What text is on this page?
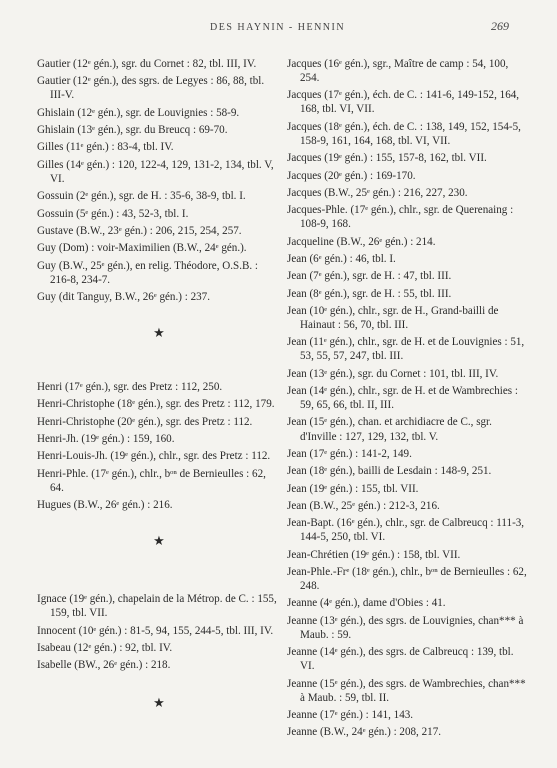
DES HAYNIN - HENNIN	269

Gautier (12ᵉ gén.), sgr. du Cornet : 82, tbl. III, IV.

Gautier (12ᵉ gén.), des sgrs. de Legyes : 86, 88, tbl. III-V.

Ghislain (12ᵉ gén.), sgr. de Louvignies : 58-9.

Ghislain (13ᵉ gén.), sgr. du Breucq : 69-70.

Gilles (11ᵉ gén.) : 83-4, tbl. IV.

Gilles (14ᵉ gén.) : 120, 122-4, 129, 131-2, 134, tbl. V, VI.

Gossuin (2ᵉ gén.), sgr. de H. : 35-6, 38-9, tbl. I.

Gossuin (5ᵉ gén.) : 43, 52-3, tbl. I.

Gustave (B.W., 23ᵉ gén.) : 206, 215, 254, 257.

Guy (Dom) : voir-Maximilien (B.W., 24ᵉ gén.).

Guy (B.W., 25ᵉ gén.), en relig. Théodore, O.S.B. : 216-8, 234-7.

Guy (dit Tanguy, B.W., 26ᵉ gén.) : 237.

★

Henri (17ᵉ gén.), sgr. des Pretz : 112, 250.

Henri-Christophe (18ᵉ gén.), sgr. des Pretz : 112, 179.

Henri-Christophe (20ᵉ gén.), sgr. des Pretz : 112.

Henri-Jh. (19ᵉ gén.) : 159, 160.

Henri-Louis-Jh. (19ᵉ gén.), chlr., sgr. des Pretz : 112.

Henri-Phle. (17ᵉ gén.), chlr., bᵒⁿ de Bernieulles : 62, 64.

Hugues (B.W., 26ᵉ gén.) : 216.

★

Ignace (19ᵉ gén.), chapelain de la Métrop. de C. : 155, 159, tbl. VII.

Innocent (10ᵉ gén.) : 81-5, 94, 155, 244-5, tbl. III, IV.

Isabeau (12ᵉ gén.) : 92, tbl. IV.

Isabelle (BW., 26ᵉ gén.) : 218.

★

Jacques (16ᵉ gén.), sgr., Maître de camp : 54, 100, 254.

Jacques (17ᵉ gén.), éch. de C. : 141-6, 149-152, 164, 168, tbl. VI, VII.

Jacques (18ᵉ gén.), éch. de C. : 138, 149, 152, 154-5, 158-9, 161, 164, 168, tbl. VI, VII.

Jacques (19ᵉ gén.) : 155, 157-8, 162, tbl. VII.

Jacques (20ᵉ gén.) : 169-170.

Jacques (B.W., 25ᵉ gén.) : 216, 227, 230.

Jacques-Phle. (17ᵉ gén.), chlr., sgr. de Querenaing : 108-9, 168.

Jacqueline (B.W., 26ᵉ gén.) : 214.

Jean (6ᵉ gén.) : 46, tbl. I.

Jean (7ᵉ gén.), sgr. de H. : 47, tbl. III.

Jean (8ᵉ gén.), sgr. de H. : 55, tbl. III.

Jean (10ᵉ gén.), chlr., sgr. de H., Grand-bailli de Hainaut : 56, 70, tbl. III.

Jean (11ᵉ gén.), chlr., sgr. de H. et de Louvignies : 51, 53, 55, 57, 247, tbl. III.

Jean (13ᵉ gén.), sgr. du Cornet : 101, tbl. III, IV.

Jean (14ᵉ gén.), chlr., sgr. de H. et de Wambrechies : 59, 65, 66, tbl. II, III.

Jean (15ᵉ gén.), chan. et archidiacre de C., sgr. d'Inville : 127, 129, 132, tbl. V.

Jean (17ᵉ gén.) : 141-2, 149.

Jean (18ᵉ gén.), bailli de Lesdain : 148-9, 251.

Jean (19ᵉ gén.) : 155, tbl. VII.

Jean (B.W., 25ᵉ gén.) : 212-3, 216.

Jean-Bapt. (16ᵉ gén.), chlr., sgr. de Calbreucq : 111-3, 144-5, 250, tbl. VI.

Jean-Chrétien (19ᵉ gén.) : 158, tbl. VII.

Jean-Phle.-Frᵉ (18ᵉ gén.), chlr., bᵒⁿ de Bernieulles : 62, 248.

Jeanne (4ᵉ gén.), dame d'Obies : 41.

Jeanne (13ᵉ gén.), des sgrs. de Louvignies, chan*** à Maub. : 59.

Jeanne (14ᵉ gén.), des sgrs. de Calbreucq : 139, tbl. VI.

Jeanne (15ᵉ gén.), des sgrs. de Wambrechies, chan*** à Maub. : 59, tbl. II.

Jeanne (17ᵉ gén.) : 141, 143.

Jeanne (B.W., 24ᵉ gén.) : 208, 217.
